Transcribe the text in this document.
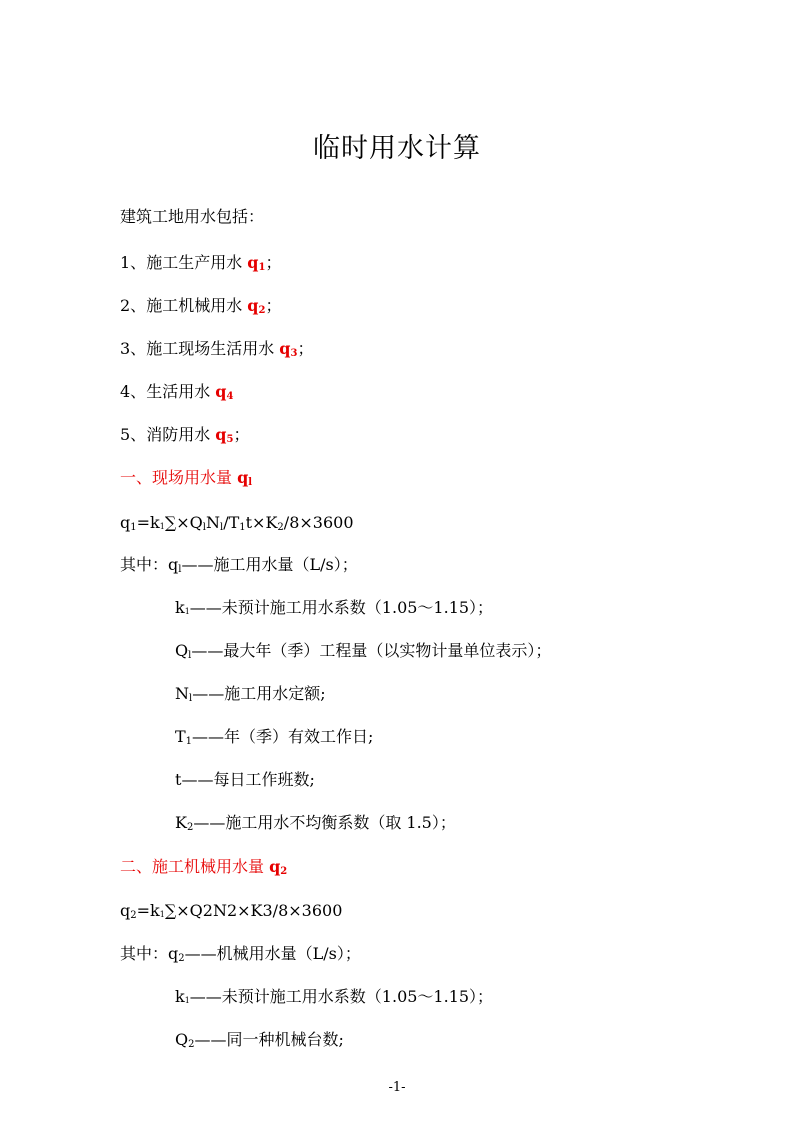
临时用水计算
建筑工地用水包括：
1、施工生产用水 $q_1$；
2、施工机械用水 $q_2$；
3、施工现场生活用水 $q_3$；
4、生活用水 $q_4$
5、消防用水 $q_5$；
一、现场用水量 $q_l$
$q_1=k_1\sum\times Q_lN_l/T_1t\times K_2/8\times 3600$
其中：$q_l——$施工用水量（L/s）；
$k_1——$未预计施工用水系数（1.05～1.15）；
$Q_l——$最大年（季）工程量（以实物计量单位表示）；
$N_l——$施工用水定额;
$T_1——$年（季）有效工作日;
t——每日工作班数;
$K_2——$施工用水不均衡系数（取 1.5）；
二、施工机械用水量 $q_2$
$q_2=k_1\sum\times Q2N2\times K3/8\times 3600$
其中：$q_2——$机械用水量（L/s）；
$k_1——$未预计施工用水系数（1.05～1.15）；
$Q_2——$同一种机械台数;
-1-
